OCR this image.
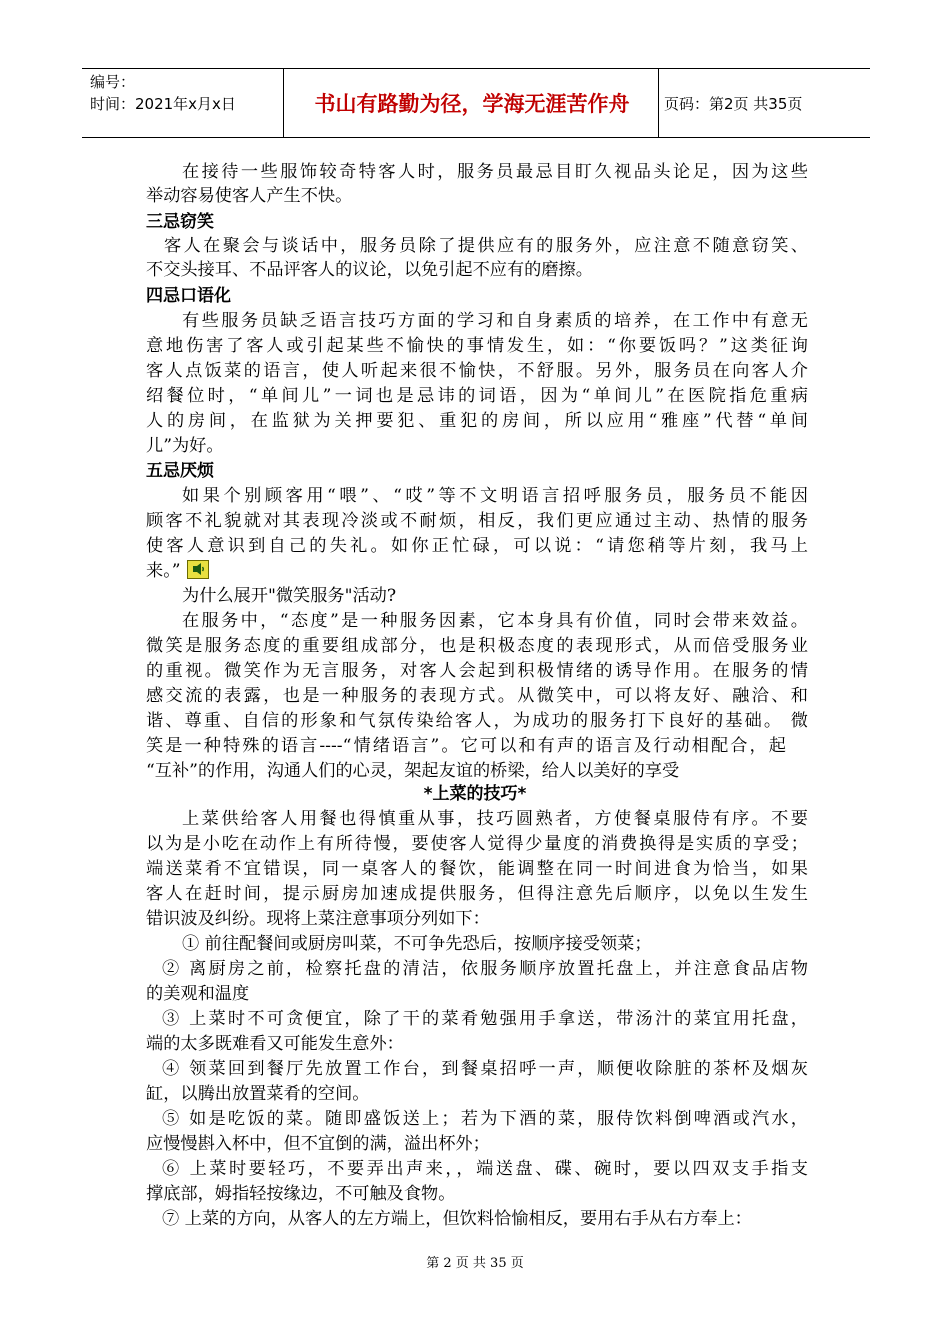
编号：
时间：2021年x月x日	书山有路勤为径，学海无涯苦作舟	页码：第2页 共35页
在接待一些服饰较奇特客人时，服务员最忌目盯久视品头论足，因为这些
举动容易使客人产生不快。
三忌窃笑
客人在聚会与谈话中，服务员除了提供应有的服务外，应注意不随意窃笑、
不交头接耳、不品评客人的议论，以免引起不应有的磨擦。
四忌口语化
有些服务员缺乏语言技巧方面的学习和自身素质的培养，在工作中有意无
意地伤害了客人或引起某些不愉快的事情发生，如：“你要饭吗？”这类征询
客人点饭菜的语言，使人听起来很不愉快，不舒服。另外，服务员在向客人介
绍餐位时，“单间儿”一词也是忌讳的词语，因为“单间儿”在医院指危重病
人的房间，在监狱为关押要犯、重犯的房间，所以应用“雅座”代替“单间
儿”为好。
五忌厌烦
如果个别顾客用“喂”、“哎”等不文明语言招呼服务员，服务员不能因
顾客不礼貌就对其表现冷淡或不耐烦，相反，我们更应通过主动、热情的服务
使客人意识到自己的失礼。如你正忙碌，可以说：“请您稍等片刻，我马上
来。”
为什么展开"微笑服务"活动?
在服务中，“态度”是一种服务因素，它本身具有价值，同时会带来效益。
微笑是服务态度的重要组成部分，也是积极态度的表现形式，从而倍受服务业
的重视。微笑作为无言服务，对客人会起到积极情绪的诱导作用。在服务的情
感交流的表露，也是一种服务的表现方式。从微笑中，可以将友好、融洽、和
谐、尊重、自信的形象和气氛传染给客人，为成功的服务打下良好的基础。 微
笑是一种特殊的语言----“情绪语言”。它可以和有声的语言及行动相配合，起
“互补”的作用，沟通人们的心灵，架起友谊的桥梁，给人以美好的享受
*上菜的技巧*
上菜供给客人用餐也得慎重从事，技巧圆熟者，方使餐桌服侍有序。不要
以为是小吃在动作上有所待慢，要使客人觉得少量度的消费换得是实质的享受；
端送菜肴不宜错误，同一桌客人的餐饮，能调整在同一时间进食为恰当，如果
客人在赶时间，提示厨房加速成提供服务，但得注意先后顺序，以免以生发生
错识波及纠纷。现将上菜注意事项分列如下：
① 前往配餐间或厨房叫菜，不可争先恐后，按顺序接受领菜；
② 离厨房之前，检察托盘的清洁，依服务顺序放置托盘上，并注意食品店物
的美观和温度
③ 上菜时不可贪便宜，除了干的菜肴勉强用手拿送，带汤汁的菜宜用托盘，
端的太多既难看又可能发生意外：
④ 领菜回到餐厅先放置工作台，到餐桌招呼一声，顺便收除脏的茶杯及烟灰
缸，以腾出放置菜肴的空间。
⑤ 如是吃饭的菜。随即盛饭送上；若为下酒的菜，服侍饮料倒啤酒或汽水，
应慢慢斟入杯中，但不宜倒的满，溢出杯外；
⑥ 上菜时要轻巧，不要弄出声来，，端送盘、碟、碗时，要以四双支手指支
撑底部，姆指轻按缘边，不可触及食物。
⑦ 上菜的方向，从客人的左方端上，但饮料恰愉相反，要用右手从右方奉上：
第 2 页 共 35 页
